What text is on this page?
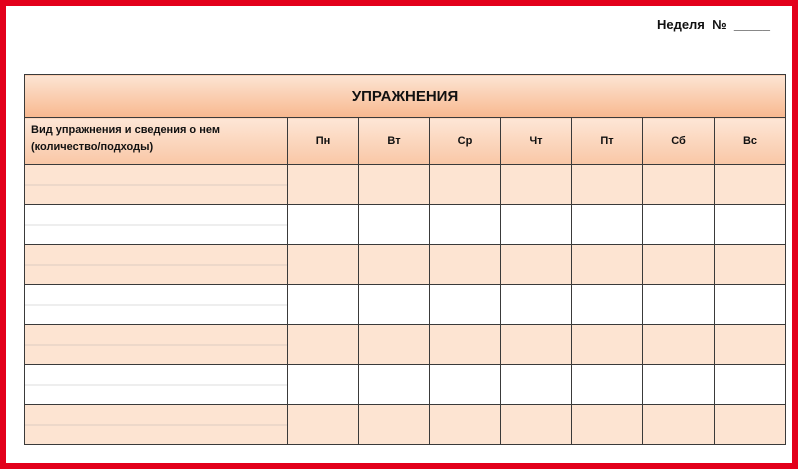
Неделя  №  _____
УПРАЖНЕНИЯ							
Вид упражнения и сведения о нем
(количество/подходы)	Пн	Вт	Ср	Чт	Пт	Сб	Вс
